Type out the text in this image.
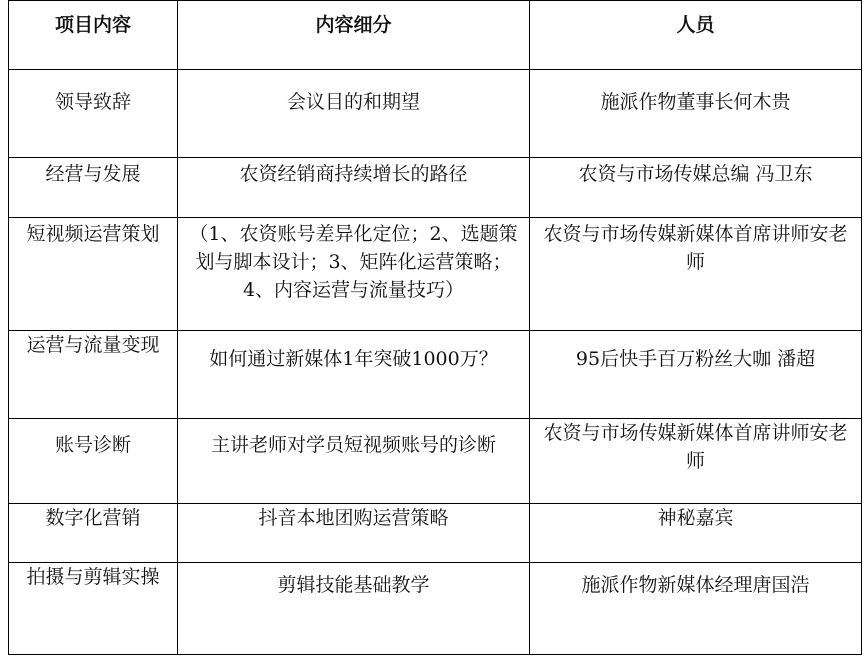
项目内容	内容细分	人员
领导致辞	会议目的和期望	施派作物董事长何木贵
经营与发展	农资经销商持续增长的路径	农资与市场传媒总编 冯卫东
短视频运营策划	（1、农资账号差异化定位；2、选题策划与脚本设计；3、矩阵化运营策略；4、内容运营与流量技巧）	农资与市场传媒新媒体首席讲师安老师
运营与流量变现	如何通过新媒体1年突破1000万？	95后快手百万粉丝大咖 潘超
账号诊断	主讲老师对学员短视频账号的诊断	农资与市场传媒新媒体首席讲师安老师
数字化营销	抖音本地团购运营策略	神秘嘉宾
拍摄与剪辑实操	剪辑技能基础教学	施派作物新媒体经理唐国浩
